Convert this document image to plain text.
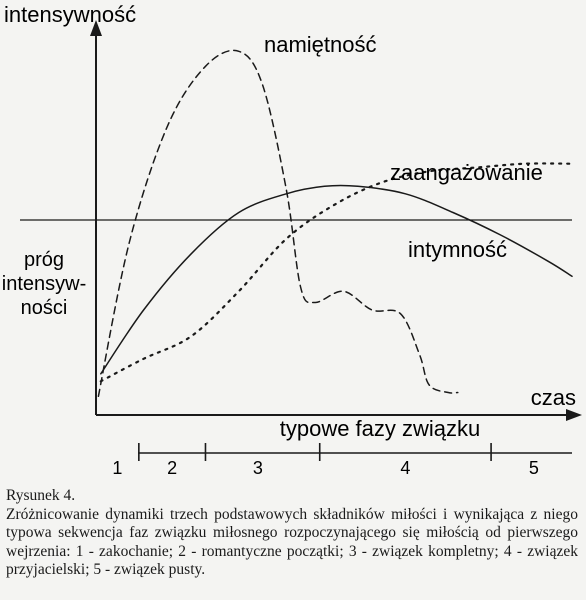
1 2	3	4	5
namiętność
zaangażowanie
intymność
intensywność
czas
typowe fazy związku
próg
intensyw-
ności
Rysunek 4.
Zróżnicowanie dynamiki trzech podstawowych składników miłości i wynikająca z niego typowa sekwencja faz związku miłosnego rozpoczynającego się miłością od pierwszego wejrzenia: 1 - zakochanie; 2 - romantyczne początki; 3 - związek kompletny; 4 - związek przyjacielski; 5 - związek pusty.
